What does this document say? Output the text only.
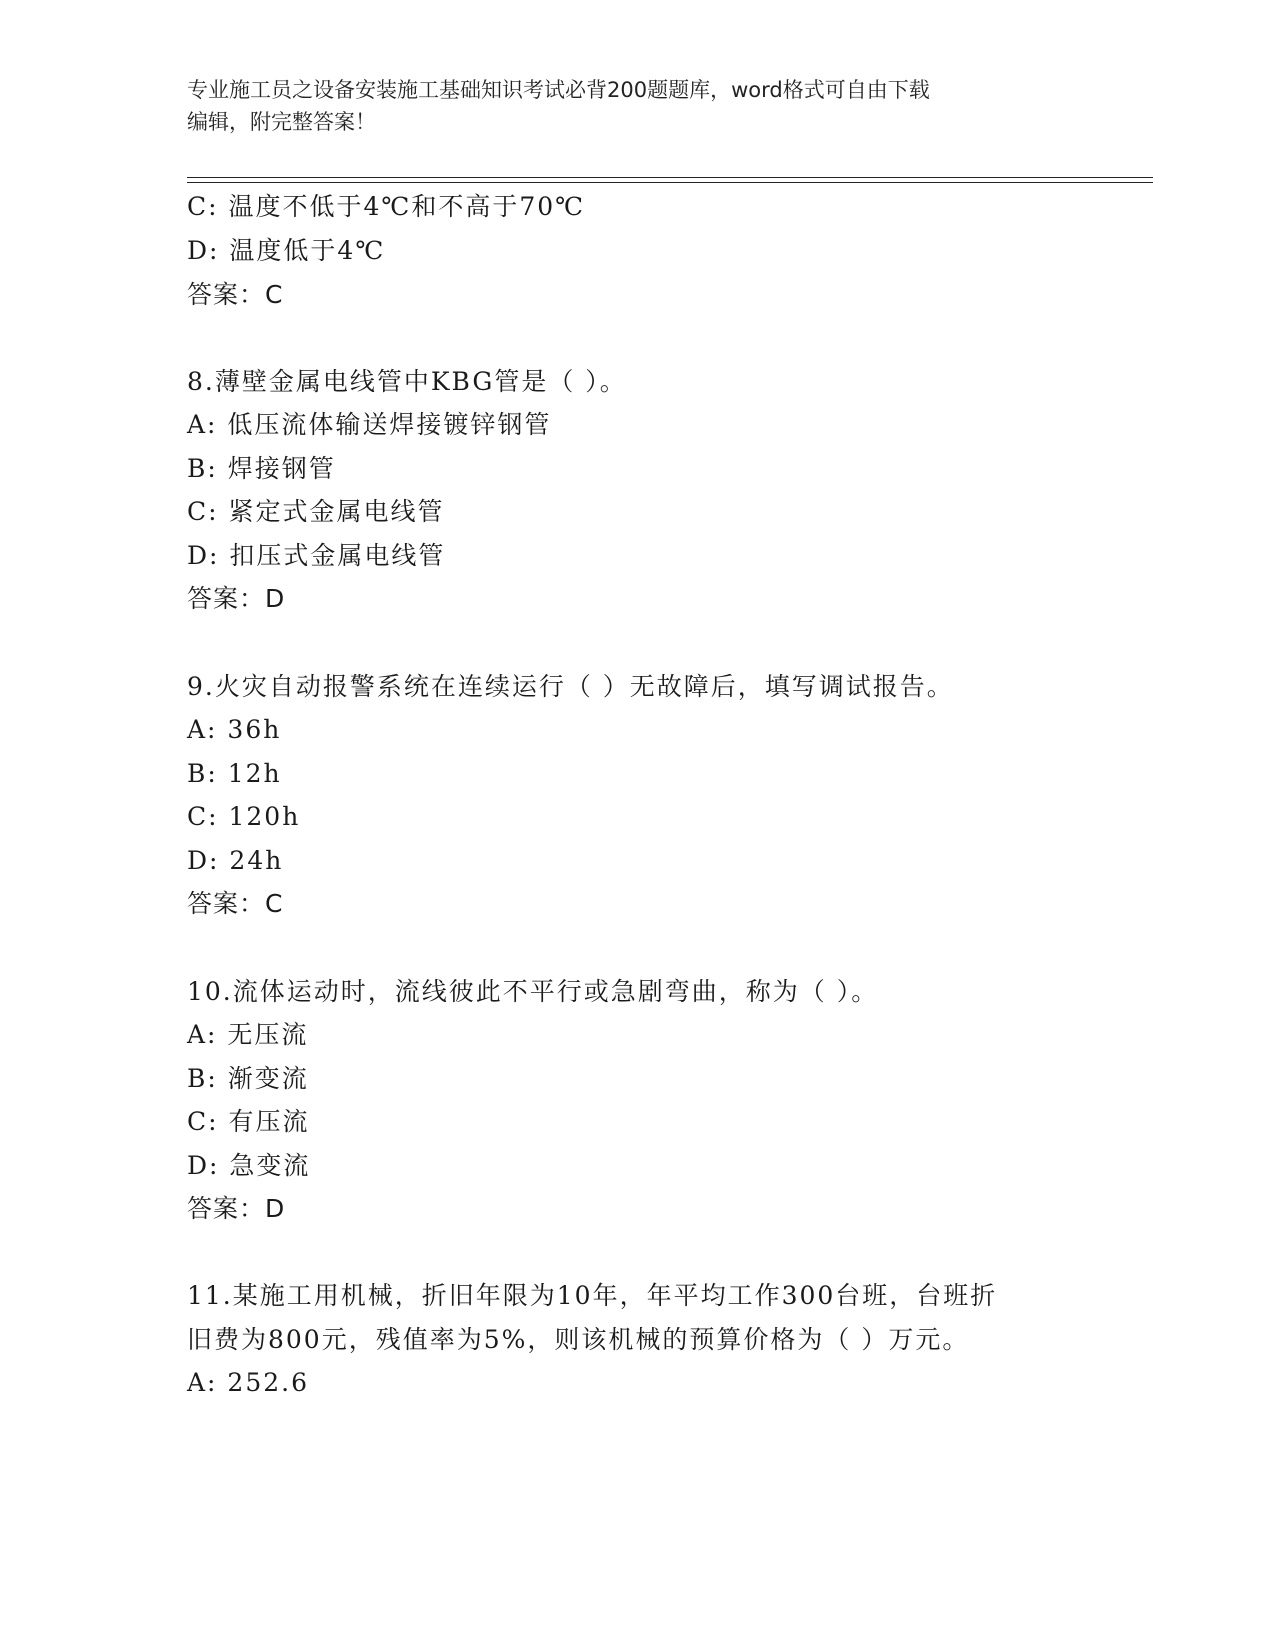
专业施工员之设备安装施工基础知识考试必背200题题库，word格式可自由下载
编辑，附完整答案！
C: 温度不低于4℃和不高于70℃
D: 温度低于4℃
答案：C
8.薄壁金属电线管中KBG管是（ ）。
A: 低压流体输送焊接镀锌钢管
B: 焊接钢管
C: 紧定式金属电线管
D: 扣压式金属电线管
答案：D
9.火灾自动报警系统在连续运行（ ）无故障后，填写调试报告。
A: 36h
B: 12h
C: 120h
D: 24h
答案：C
10.流体运动时，流线彼此不平行或急剧弯曲，称为（ ）。
A: 无压流
B: 渐变流
C: 有压流
D: 急变流
答案：D
11.某施工用机械，折旧年限为10年，年平均工作300台班，台班折
旧费为800元，残值率为5%，则该机械的预算价格为（ ）万元。
A: 252.6
